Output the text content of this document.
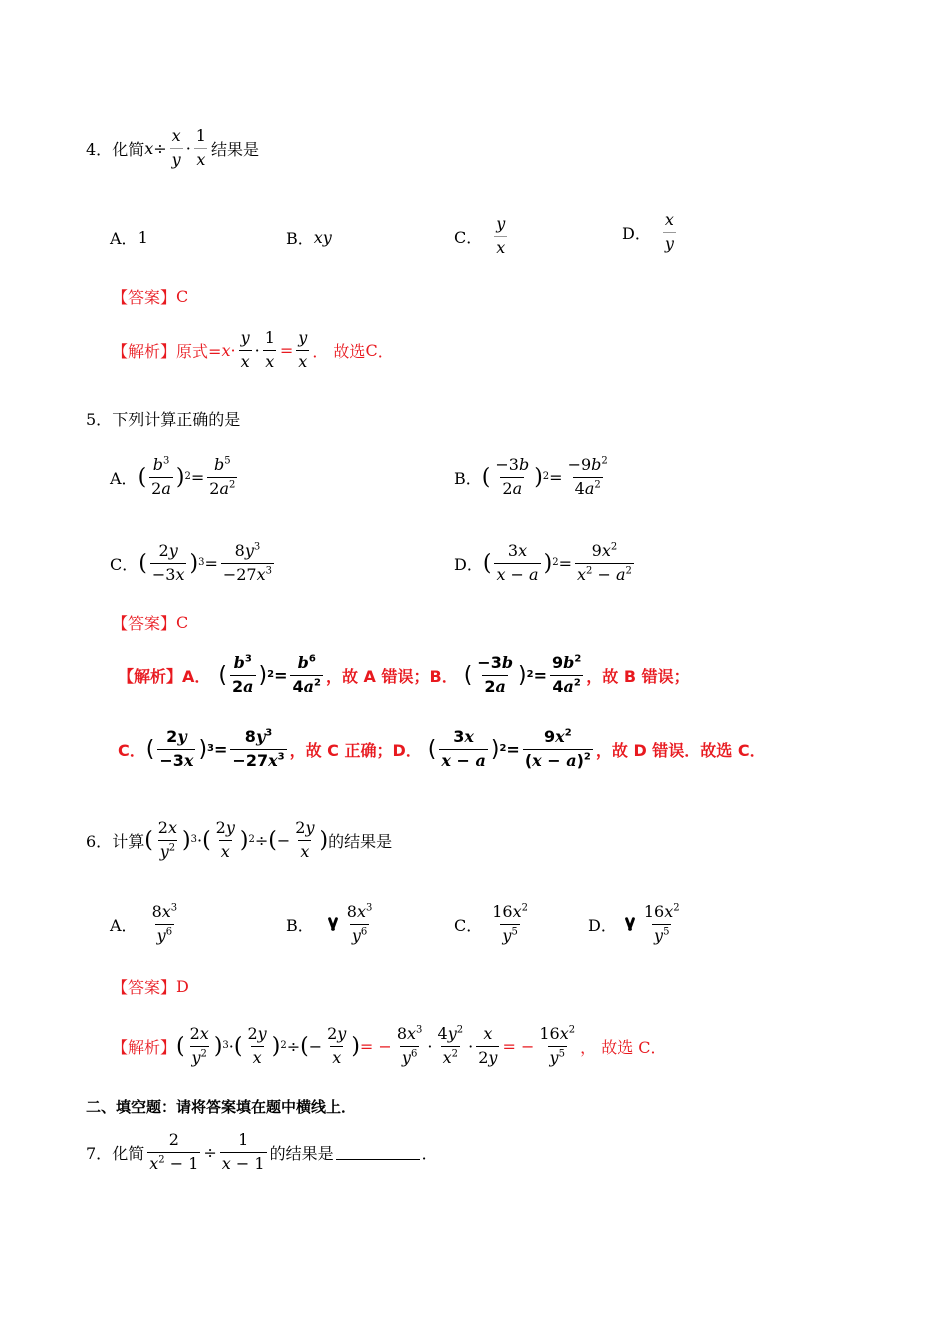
4． 化简 $x \div \frac{x}{y} \cdot \frac{1}{x}$ 结果是
A． 1	B． xy	C． $\frac{y}{x}$	D． $\frac{x}{y}$
【答案】 C
【解析】 原式= $x \cdot \frac{y}{x} \cdot \frac{1}{x} = \frac{y}{x}$ ． 故选 C ．
5． 下列计算正确的是
A． ( $\frac{b^3}{2a}$ ) $2 = \frac{b^5}{2a^2}$	B． ( $\frac{-3b}{2a}$ ) $2 = \frac{-9b^2}{4a^2}$
C． ( $\frac{2y}{-3x}$ ) $3 = \frac{8y^3}{-27x^3}$	D． ( $\frac{3x}{x - a}$ ) $2 = \frac{9x^2}{x^2 - a^2}$
【答案】 C
【解析】 A． ( $\frac{b^3}{2a}$ ) $2 = \frac{b^6}{4a^2}$ ，故 A 错误； B． ( $\frac{-3b}{2a}$ ) $2 = \frac{9b^2}{4a^2}$ ，故 B 错误；
C． ( $\frac{2y}{-3x}$ ) $3 = \frac{8y^3}{-27x^3}$ ，故 C 正确； D． ( $\frac{3x}{x - a}$ ) $2 = \frac{9x^2}{(x - a)^2}$ ，故 D 错误．故选 C．
6． 计算 ( $\frac{2x}{y^2}$ ) 3 · ( $\frac{2y}{x}$ ) 2 ÷ ( − $\frac{2y}{x}$ ) 的结果是
A． $\frac{8x^3}{y^6}$	B． $\frac{8x^3}{y^6}$	C． $\frac{16x^2}{y^5}$	D． $\frac{16x^2}{y^5}$
【答案】 D
【解析】 ( $\frac{2x}{y^2}$ ) 3 · ( $\frac{2y}{x}$ ) 2 ÷ ( − $\frac{2y}{x}$ ) = − $\frac{8x^3}{y^6} \cdot \frac{4y^2}{x^2} \cdot \frac{x}{2y}$ = − $\frac{16x^2}{y^5}$ ， 故选 C．
二、填空题：请将答案填在题中横线上．
7． 化简 $\frac{2}{x^2 - 1} \div \frac{1}{x - 1}$ 的结果是	．
